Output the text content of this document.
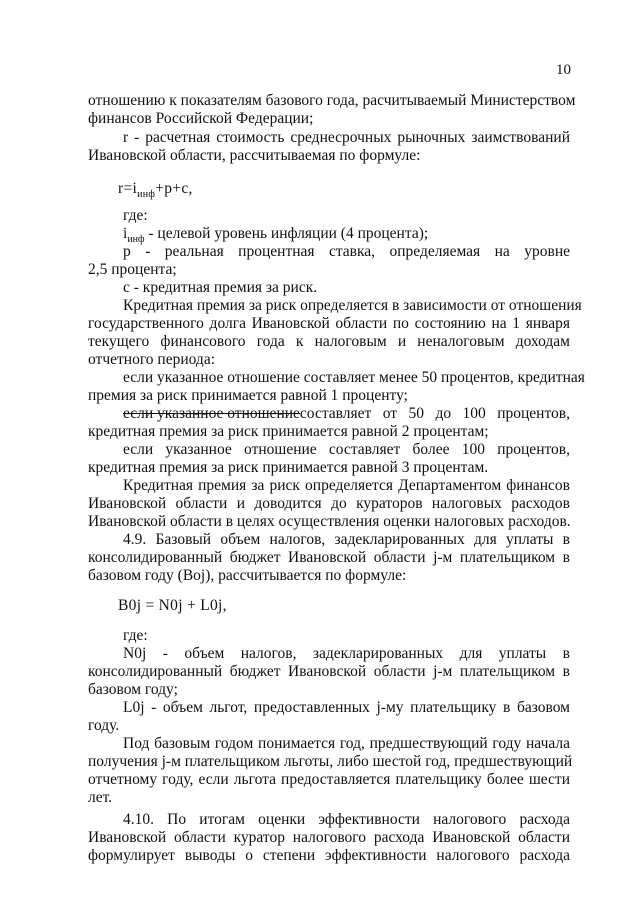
10
отношению к показателям базового года, расчитываемый Министерством
финансов Российской Федерации;
r - расчетная стоимость среднесрочных рыночных заимствований
Ивановской области, рассчитываемая по формуле:
$r=i_{инф}+p+c$,
где:
$i_{инф}$ - целевой уровень инфляции (4 процента);
p - реальная процентная ставка, определяемая на уровне
2,5 процента;
с - кредитная премия за риск.
Кредитная премия за риск определяется в зависимости от отношения
государственного долга Ивановской области по состоянию на 1 января
текущего финансового года к налоговым и неналоговым доходам
отчетного периода:
если указанное отношение составляет менее 50 процентов, кредитная
премия за риск принимается равной 1 проценту;
если указанное отношение составляет от 50 до 100 процентов,
кредитная премия за риск принимается равной 2 процентам;
если указанное отношение составляет более 100 процентов,
кредитная премия за риск принимается равной 3 процентам.
Кредитная премия за риск определяется Департаментом финансов
Ивановской области и доводится до кураторов налоговых расходов
Ивановской области в целях осуществления оценки налоговых расходов.
4.9. Базовый объем налогов, задекларированных для уплаты в
консолидированный бюджет Ивановской области j-м плательщиком в
базовом году (Boj), рассчитывается по формуле:
B0j = N0j + L0j,
где:
N0j - объем налогов, задекларированных для уплаты в
консолидированный бюджет Ивановской области j-м плательщиком в
базовом году;
L0j - объем льгот, предоставленных j-му плательщику в базовом
году.
Под базовым годом понимается год, предшествующий году начала
получения j-м плательщиком льготы, либо шестой год, предшествующий
отчетному году, если льгота предоставляется плательщику более шести
лет.
4.10. По итогам оценки эффективности налогового расхода
Ивановской области куратор налогового расхода Ивановской области
формулирует выводы о степени эффективности налогового расхода
